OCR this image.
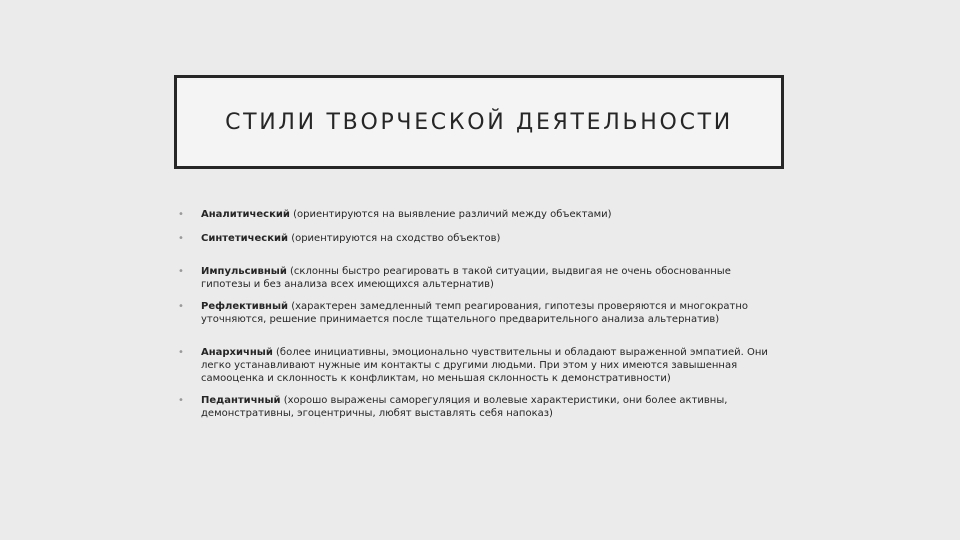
СТИЛИ ТВОРЧЕСКОЙ ДЕЯТЕЛЬНОСТИ
• Аналитический (ориентируются на выявление различий между объектами)
• Синтетический (ориентируются на сходство объектов)
• Импульсивный (склонны быстро реагировать в такой ситуации, выдвигая не очень обоснованные гипотезы и без анализа всех имеющихся альтернатив)
• Рефлективный (характерен замедленный темп реагирования, гипотезы проверяются и многократно уточняются, решение принимается после тщательного предварительного анализа альтернатив)
• Анархичный (более инициативны, эмоционально чувствительны и обладают выраженной эмпатией. Они легко устанавливают нужные им контакты с другими людьми. При этом у них имеются завышенная самооценка и склонность к конфликтам, но меньшая склонность к демонстративности)
• Педантичный (хорошо выражены саморегуляция и волевые характеристики, они более активны, демонстративны, эгоцентричны, любят выставлять себя напоказ)
